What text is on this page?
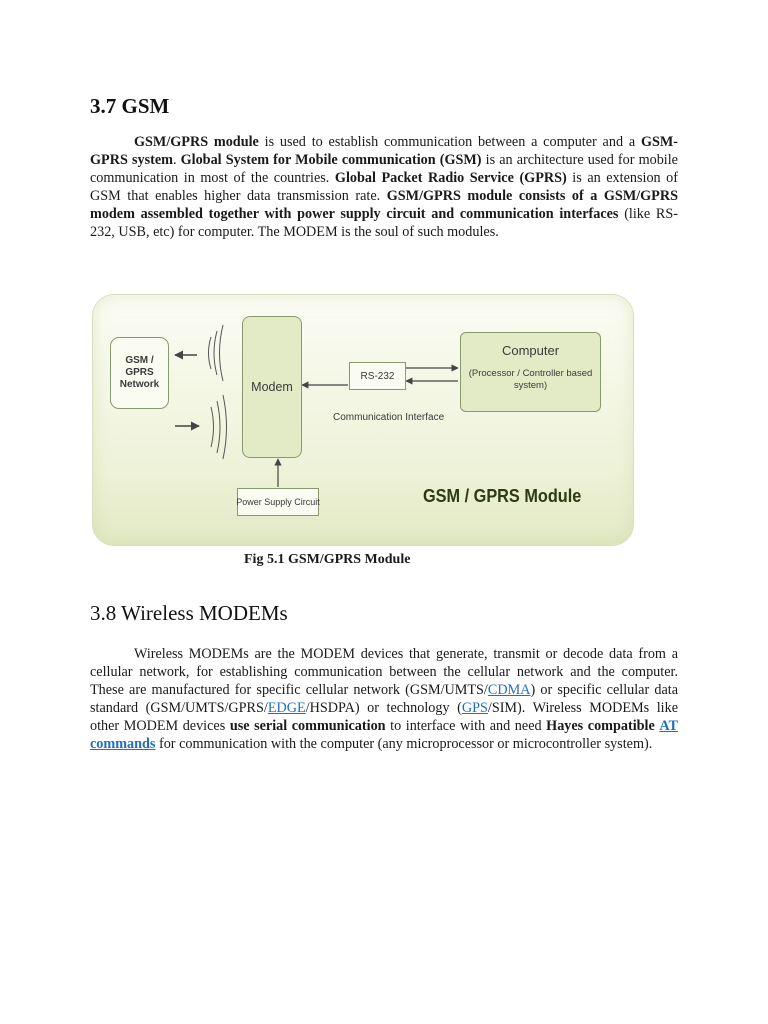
3.7 GSM

GSM/GPRS module is used to establish communication between a computer and a GSM-GPRS system. Global System for Mobile communication (GSM) is an architecture used for mobile communication in most of the countries. Global Packet Radio Service (GPRS) is an extension of GSM that enables higher data transmission rate. GSM/GPRS module consists of a GSM/GPRS modem assembled together with power supply circuit and communication interfaces (like RS-232, USB, etc) for computer. The MODEM is the soul of such modules.

GSM /
GPRS
Network	Modem
RS-232
Computer
(Processor / Controller based system)
Communication Interface
Power Supply Circuit	GSM / GPRS Module

Fig 5.1 GSM/GPRS Module

3.8 Wireless MODEMs

Wireless MODEMs are the MODEM devices that generate, transmit or decode data from a cellular network, for establishing communication between the cellular network and the computer. These are manufactured for specific cellular network (GSM/UMTS/CDMA) or specific cellular data standard (GSM/UMTS/GPRS/EDGE/HSDPA) or technology (GPS/SIM). Wireless MODEMs like other MODEM devices use serial communication to interface with and need Hayes compatible AT commands for communication with the computer (any microprocessor or microcontroller system).
